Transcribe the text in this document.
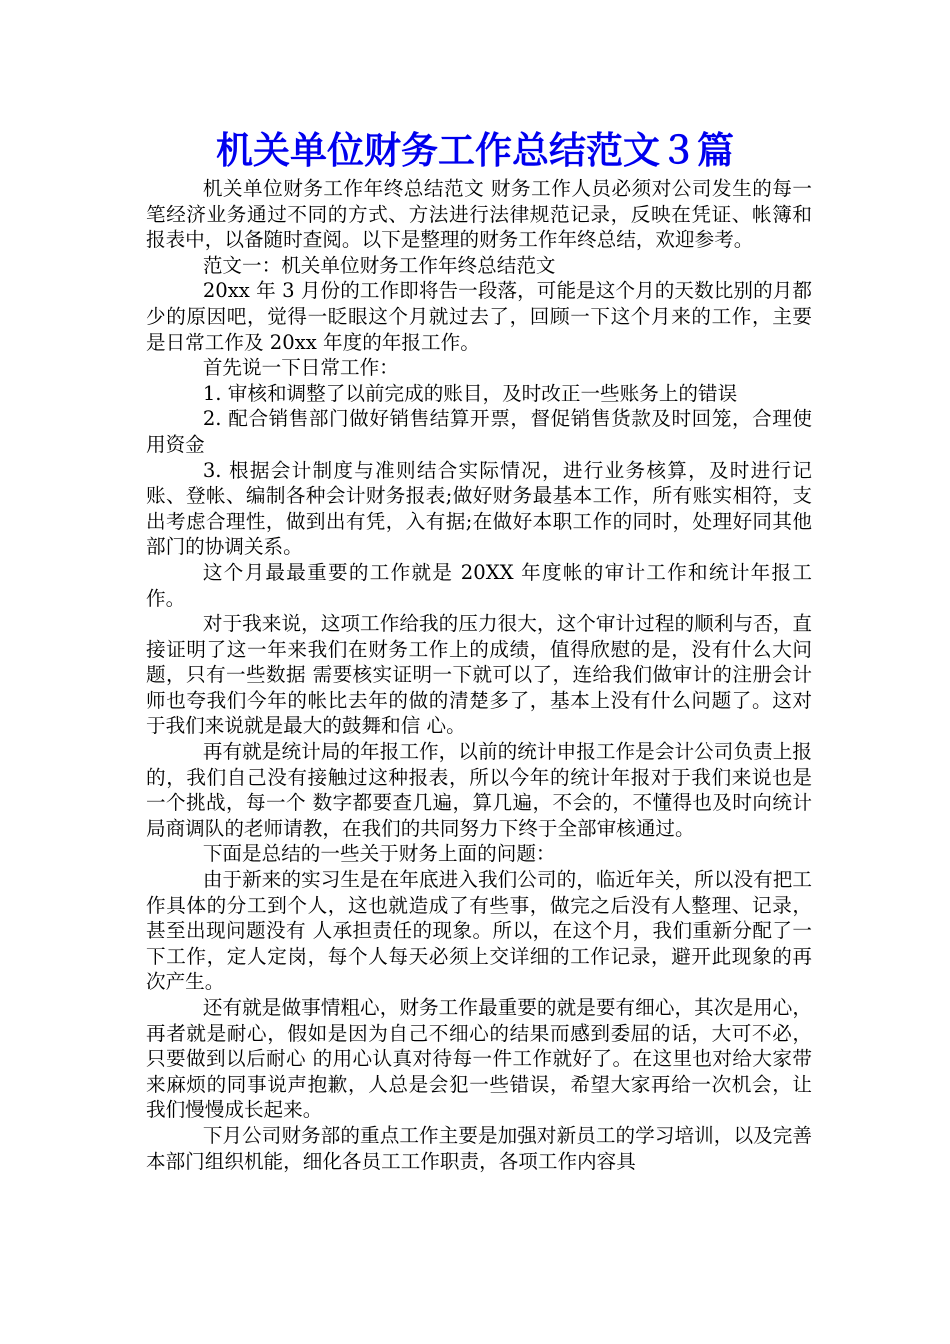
机关单位财务工作总结范文３篇

机关单位财务工作年终总结范文 财务工作人员必须对公司发生的每一笔经济业务通过不同的方式、方法进行法律规范记录，反映在凭证、帐簿和报表中，以备随时查阅。以下是整理的财务工作年终总结，欢迎参考。

范文一：机关单位财务工作年终总结范文

20xx 年 3 月份的工作即将告一段落，可能是这个月的天数比别的月都少的原因吧，觉得一眨眼这个月就过去了，回顾一下这个月来的工作，主要是日常工作及 20xx 年度的年报工作。

首先说一下日常工作：

1. 审核和调整了以前完成的账目，及时改正一些账务上的错误

2. 配合销售部门做好销售结算开票，督促销售货款及时回笼，合理使用资金

3. 根据会计制度与准则结合实际情况，进行业务核算，及时进行记账、登帐、编制各种会计财务报表;做好财务最基本工作，所有账实相符，支出考虑合理性，做到出有凭，入有据;在做好本职工作的同时，处理好同其他部门的协调关系。

这个月最最重要的工作就是 20XX 年度帐的审计工作和统计年报工作。

对于我来说，这项工作给我的压力很大，这个审计过程的顺利与否，直接证明了这一年来我们在财务工作上的成绩，值得欣慰的是，没有什么大问题，只有一些数据 需要核实证明一下就可以了，连给我们做审计的注册会计师也夸我们今年的帐比去年的做的清楚多了，基本上没有什么问题了。这对于我们来说就是最大的鼓舞和信 心。

再有就是统计局的年报工作，以前的统计申报工作是会计公司负责上报的，我们自己没有接触过这种报表，所以今年的统计年报对于我们来说也是一个挑战，每一个 数字都要查几遍，算几遍，不会的，不懂得也及时向统计局商调队的老师请教，在我们的共同努力下终于全部审核通过。

下面是总结的一些关于财务上面的问题：

由于新来的实习生是在年底进入我们公司的，临近年关，所以没有把工作具体的分工到个人，这也就造成了有些事，做完之后没有人整理、记录，甚至出现问题没有 人承担责任的现象。所以，在这个月，我们重新分配了一下工作，定人定岗，每个人每天必须上交详细的工作记录，避开此现象的再次产生。

还有就是做事情粗心，财务工作最重要的就是要有细心，其次是用心，再者就是耐心，假如是因为自己不细心的结果而感到委屈的话，大可不必，只要做到以后耐心 的用心认真对待每一件工作就好了。在这里也对给大家带来麻烦的同事说声抱歉，人总是会犯一些错误，希望大家再给一次机会，让我们慢慢成长起来。

下月公司财务部的重点工作主要是加强对新员工的学习培训，以及完善本部门组织机能，细化各员工工作职责，各项工作内容具
